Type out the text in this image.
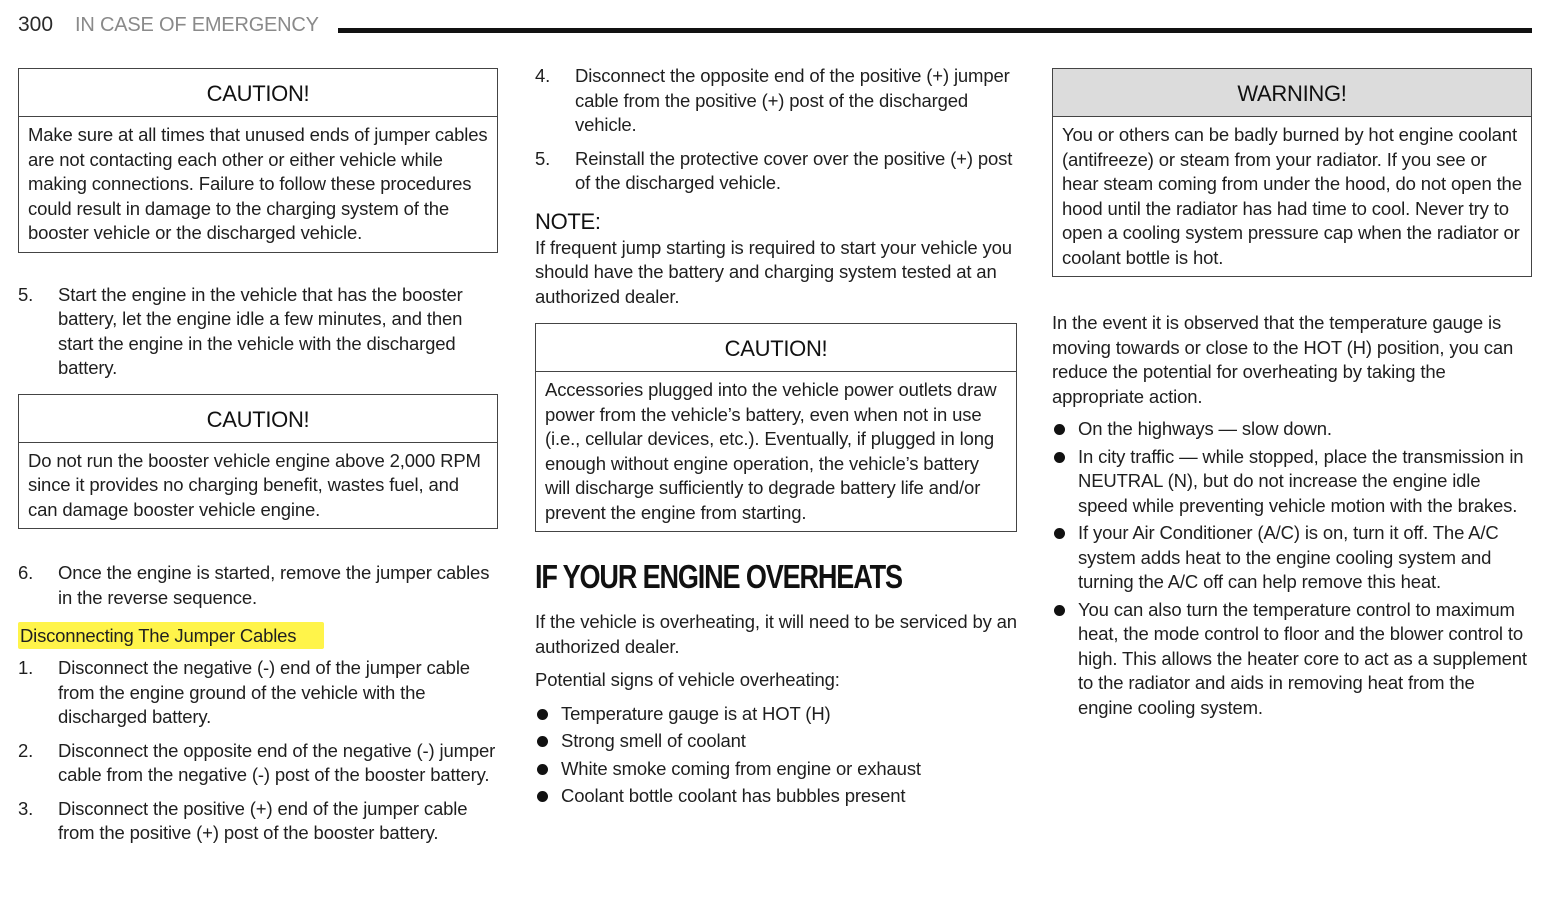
300 IN CASE OF EMERGENCY
CAUTION!
Make sure at all times that unused ends of jumper cables are not contacting each other or either vehicle while making connections. Failure to follow these procedures could result in damage to the charging system of the booster vehicle or the discharged vehicle.
5. Start the engine in the vehicle that has the booster battery, let the engine idle a few minutes, and then start the engine in the vehicle with the discharged battery.
CAUTION!
Do not run the booster vehicle engine above 2,000 RPM since it provides no charging benefit, wastes fuel, and can damage booster vehicle engine.
6. Once the engine is started, remove the jumper cables in the reverse sequence.
Disconnecting The Jumper Cables
1. Disconnect the negative (-) end of the jumper cable from the engine ground of the vehicle with the discharged battery.
2. Disconnect the opposite end of the negative (-) jumper cable from the negative (-) post of the booster battery.
3. Disconnect the positive (+) end of the jumper cable from the positive (+) post of the booster battery.
4. Disconnect the opposite end of the positive (+) jumper cable from the positive (+) post of the discharged vehicle.
5. Reinstall the protective cover over the positive (+) post of the discharged vehicle.
NOTE:
If frequent jump starting is required to start your vehicle you should have the battery and charging system tested at an authorized dealer.
CAUTION!
Accessories plugged into the vehicle power outlets draw power from the vehicle’s battery, even when not in use (i.e., cellular devices, etc.). Eventually, if plugged in long enough without engine operation, the vehicle’s battery will discharge sufficiently to degrade battery life and/or prevent the engine from starting.
IF YOUR ENGINE OVERHEATS
If the vehicle is overheating, it will need to be serviced by an authorized dealer.
Potential signs of vehicle overheating:
Temperature gauge is at HOT (H)
Strong smell of coolant
White smoke coming from engine or exhaust
Coolant bottle coolant has bubbles present
WARNING!
You or others can be badly burned by hot engine coolant (antifreeze) or steam from your radiator. If you see or hear steam coming from under the hood, do not open the hood until the radiator has had time to cool. Never try to open a cooling system pressure cap when the radiator or coolant bottle is hot.
In the event it is observed that the temperature gauge is moving towards or close to the HOT (H) position, you can reduce the potential for overheating by taking the appropriate action.
On the highways — slow down.
In city traffic — while stopped, place the transmission in NEUTRAL (N), but do not increase the engine idle speed while preventing vehicle motion with the brakes.
If your Air Conditioner (A/C) is on, turn it off. The A/C system adds heat to the engine cooling system and turning the A/C off can help remove this heat.
You can also turn the temperature control to maximum heat, the mode control to floor and the blower control to high. This allows the heater core to act as a supplement to the radiator and aids in removing heat from the engine cooling system.
